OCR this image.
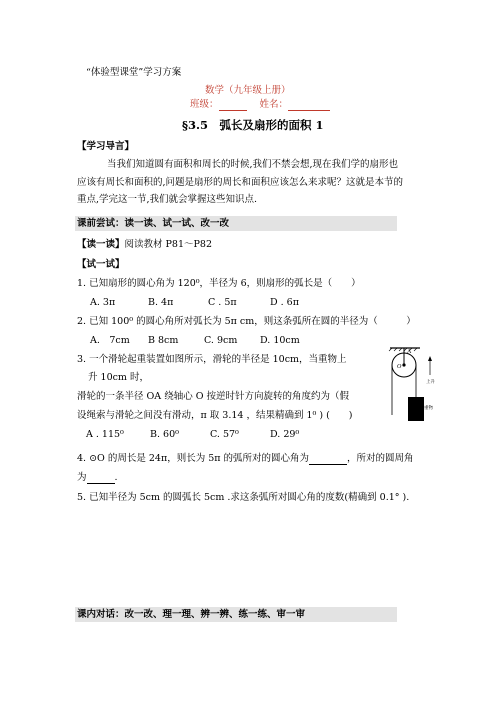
“体验型课堂”学习方案
数学（九年级上册）
班级：	姓名：
§3.5　弧长及扇形的面积 1
【学习导言】
当我们知道圆有面积和周长的时候,我们不禁会想,现在我们学的扇形也
应该有周长和面积的,问题是扇形的周长和面积应该怎么来求呢？这就是本节的
重点,学完这一节,我们就会掌握这些知识点.
课前尝试：读一读、试一试、改一改
【读一读】阅读教材 P81～P82
【试一试】
1. 已知扇形的圆心角为 120⁰，半径为 6，则扇形的弧长是（　　）
A. 3π	B. 4π	C . 5π	D . 6π
2. 已知 100⁰ 的圆心角所对弧长为 5π cm，则这条弧所在圆的半径为（　　　）
A.　7cm B 8cm	C. 9cm D. 10cm
3. 一个滑轮起重装置如图所示，滑轮的半径是 10cm，当重物上
升 10cm 时，
滑轮的一条半径 OA 绕轴心 O 按逆时针方向旋转的角度约为（假
设绳索与滑轮之间没有滑动，π 取 3.14 ，结果精确到 1⁰ ) (　　)
A . 115⁰	B. 60⁰	C. 57⁰	D. 29⁰
A
O
上升
重物
4. ⊙O 的周长是 24π，则长为 5π 的弧所对的圆心角为	，所对的圆周角
为	.
5. 已知半径为 5cm 的圆弧长 5cm .求这条弧所对圆心角的度数(精确到 0.1° ).
课内对话：改一改、理一理、辨一辨、练一练、审一审
